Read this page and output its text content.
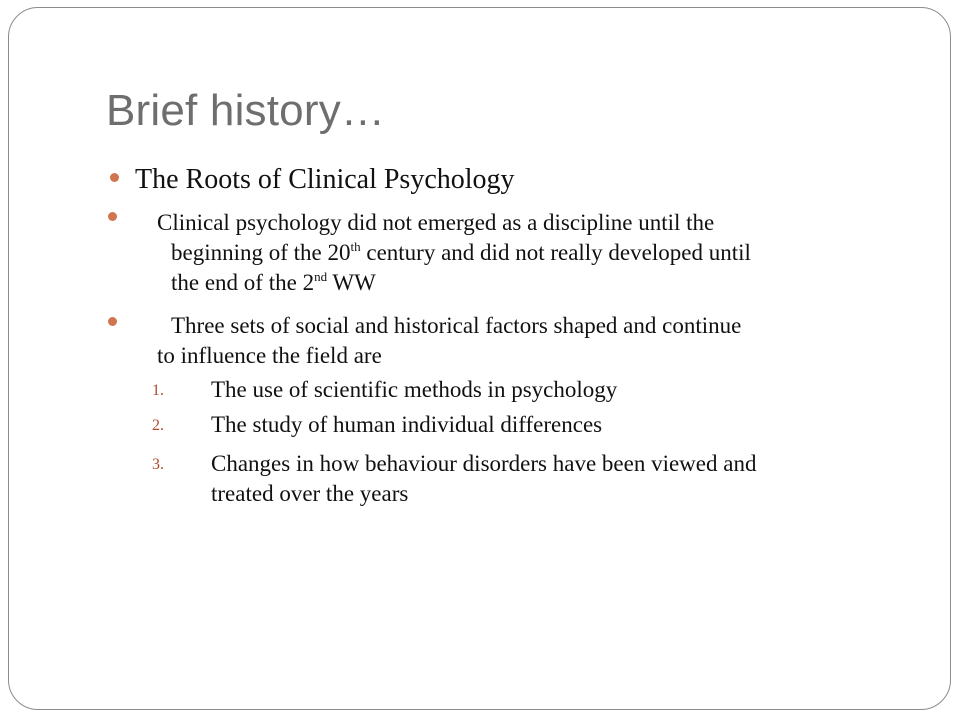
Brief history…
The Roots of Clinical Psychology
Clinical psychology did not emerged as a discipline until the
beginning of the 20th century and did not really developed until
the end of the 2nd WW
Three sets of social and historical factors shaped and continue
to influence the field are
1. The use of scientific methods in psychology
2. The study of human individual differences
3. Changes in how behaviour disorders have been viewed and
treated over the years
